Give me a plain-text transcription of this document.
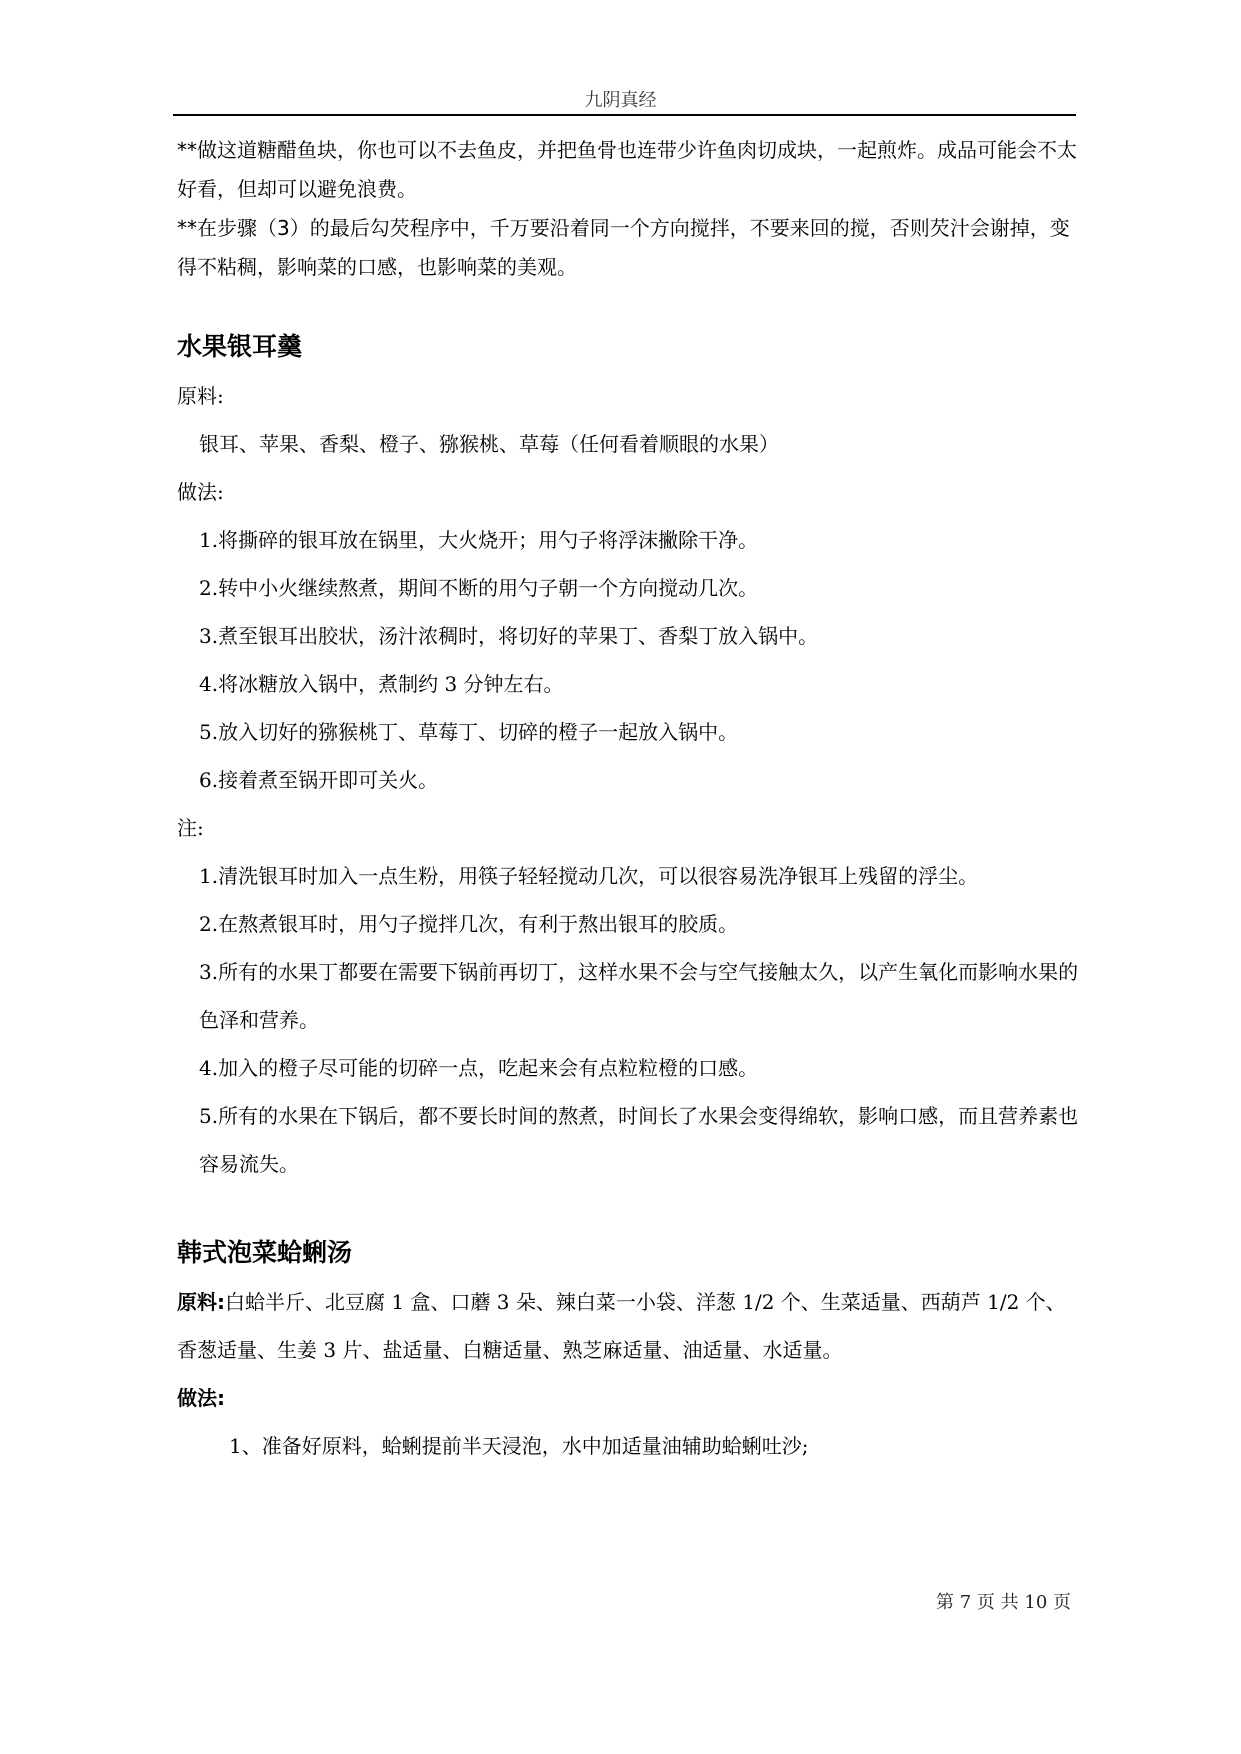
九阴真经

**做这道糖醋鱼块，你也可以不去鱼皮，并把鱼骨也连带少许鱼肉切成块，一起煎炸。成品可能会不太好看，但却可以避免浪费。

**在步骤（3）的最后勾芡程序中，千万要沿着同一个方向搅拌，不要来回的搅，否则芡汁会谢掉，变得不粘稠，影响菜的口感，也影响菜的美观。

水果银耳羹

原料:

银耳、苹果、香梨、橙子、猕猴桃、草莓（任何看着顺眼的水果）

做法:

1.将撕碎的银耳放在锅里，大火烧开；用勺子将浮沫撇除干净。

2.转中小火继续熬煮，期间不断的用勺子朝一个方向搅动几次。

3.煮至银耳出胶状，汤汁浓稠时，将切好的苹果丁、香梨丁放入锅中。

4.将冰糖放入锅中，煮制约 3 分钟左右。

5.放入切好的猕猴桃丁、草莓丁、切碎的橙子一起放入锅中。

6.接着煮至锅开即可关火。

注:

1.清洗银耳时加入一点生粉，用筷子轻轻搅动几次，可以很容易洗净银耳上残留的浮尘。

2.在熬煮银耳时，用勺子搅拌几次，有利于熬出银耳的胶质。

3.所有的水果丁都要在需要下锅前再切丁，这样水果不会与空气接触太久，以产生氧化而影响水果的色泽和营养。

4.加入的橙子尽可能的切碎一点，吃起来会有点粒粒橙的口感。

5.所有的水果在下锅后，都不要长时间的熬煮，时间长了水果会变得绵软，影响口感，而且营养素也容易流失。

韩式泡菜蛤蜊汤

原料:白蛤半斤、北豆腐 1 盒、口蘑 3 朵、辣白菜一小袋、洋葱 1/2 个、生菜适量、西葫芦 1/2 个、香葱适量、生姜 3 片、盐适量、白糖适量、熟芝麻适量、油适量、水适量。

做法:

1、准备好原料，蛤蜊提前半天浸泡，水中加适量油辅助蛤蜊吐沙;

第 7 页 共 10 页
